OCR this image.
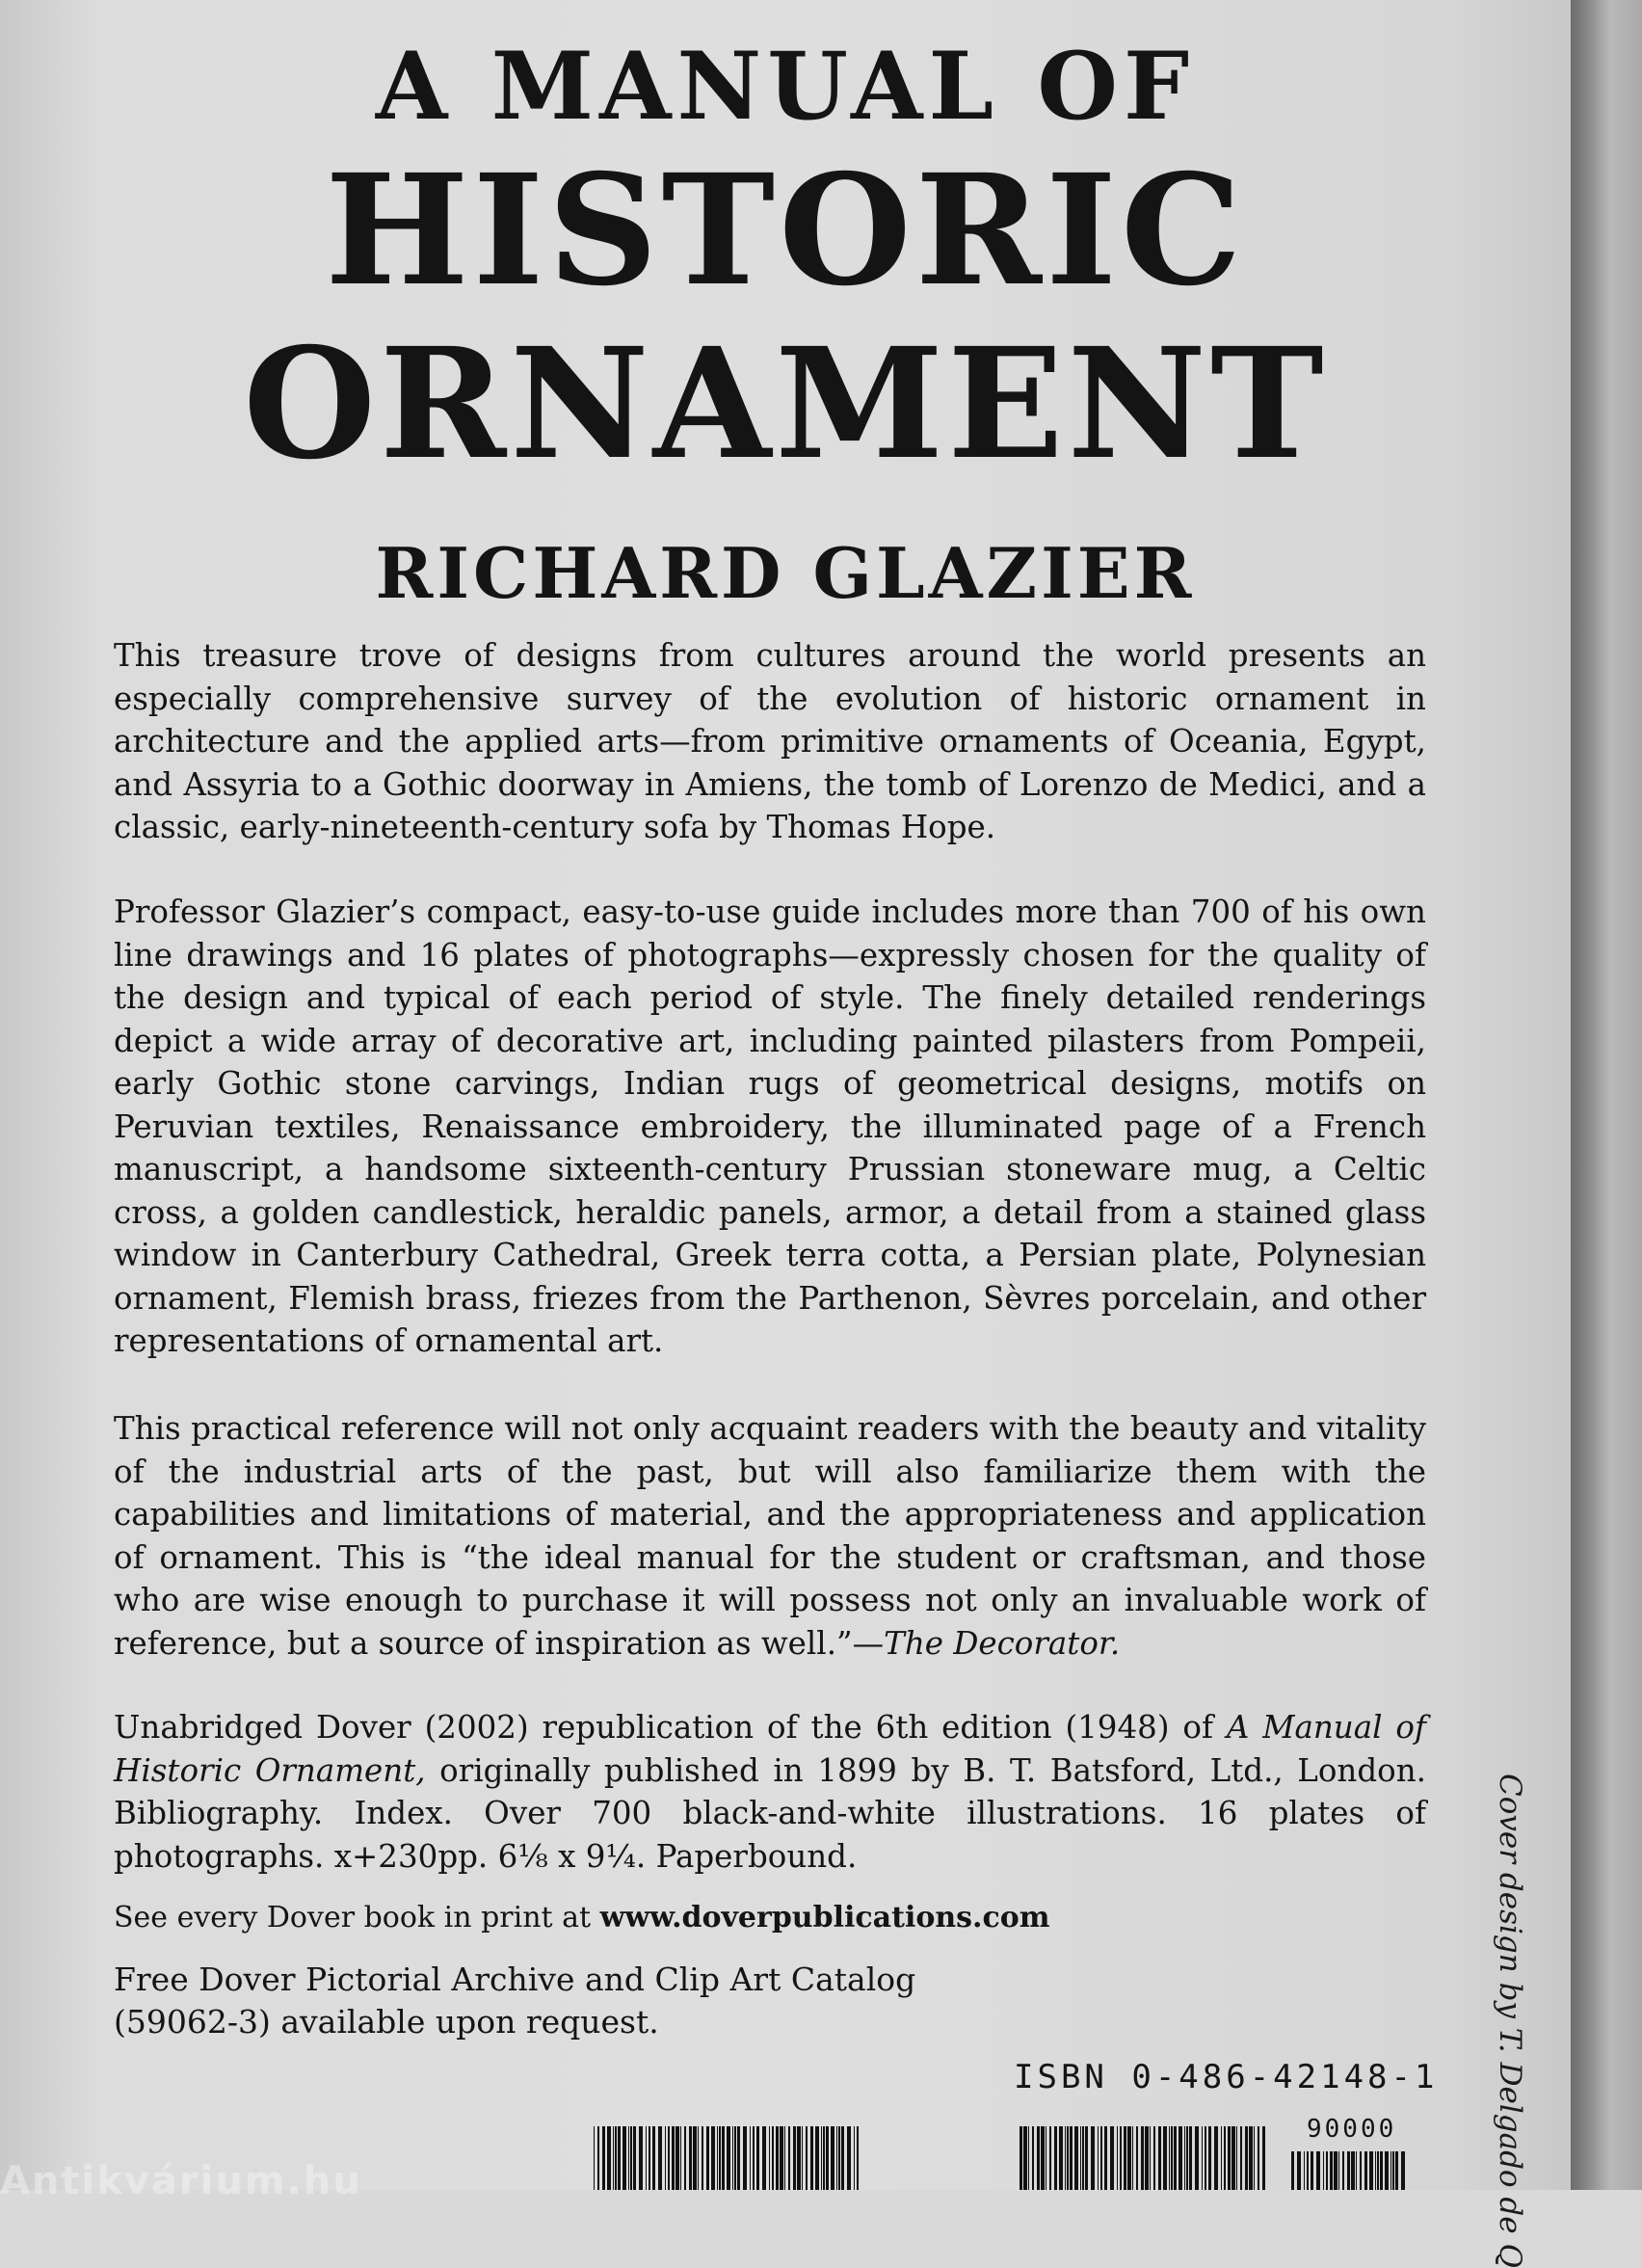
A MANUAL OF
HISTORIC
ORNAMENT
RICHARD GLAZIER

This treasure trove of designs from cultures around the world presents an especially comprehensive survey of the evolution of historic ornament in architecture and the applied arts—from primitive ornaments of Oceania, Egypt, and Assyria to a Gothic doorway in Amiens, the tomb of Lorenzo de Medici, and a classic, early-nineteenth-century sofa by Thomas Hope.

Professor Glazier’s compact, easy-to-use guide includes more than 700 of his own line drawings and 16 plates of photographs—expressly chosen for the quality of the design and typical of each period of style. The finely detailed renderings depict a wide array of decorative art, including painted pilasters from Pompeii, early Gothic stone carvings, Indian rugs of geometrical designs, motifs on Peruvian textiles, Renaissance embroidery, the illuminated page of a French manuscript, a handsome sixteenth-century Prussian stoneware mug, a Celtic cross, a golden candlestick, heraldic panels, armor, a detail from a stained glass window in Canterbury Cathedral, Greek terra cotta, a Persian plate, Polynesian ornament, Flemish brass, friezes from the Parthenon, Sèvres porcelain, and other representations of ornamental art.

This practical reference will not only acquaint readers with the beauty and vitality of the industrial arts of the past, but will also familiarize them with the capabilities and limitations of material, and the appropriateness and application of ornament. This is “the ideal manual for the student or craftsman, and those who are wise enough to purchase it will possess not only an invaluable work of reference, but a source of inspiration as well.”—The Decorator.

Unabridged Dover (2002) republication of the 6th edition (1948) of A Manual of Historic Ornament, originally published in 1899 by B. T. Batsford, Ltd., London. Bibliography. Index. Over 700 black-and-white illustrations. 16 plates of photographs. x+230pp. 6⅛ x 9¼. Paperbound.

See every Dover book in print at www.doverpublications.com

Free Dover Pictorial Archive and Clip Art Catalog
(59062-3) available upon request.

ISBN 0-486-42148-1
90000	Cover design by T. Delgado de Q
Antikvárium.hu
